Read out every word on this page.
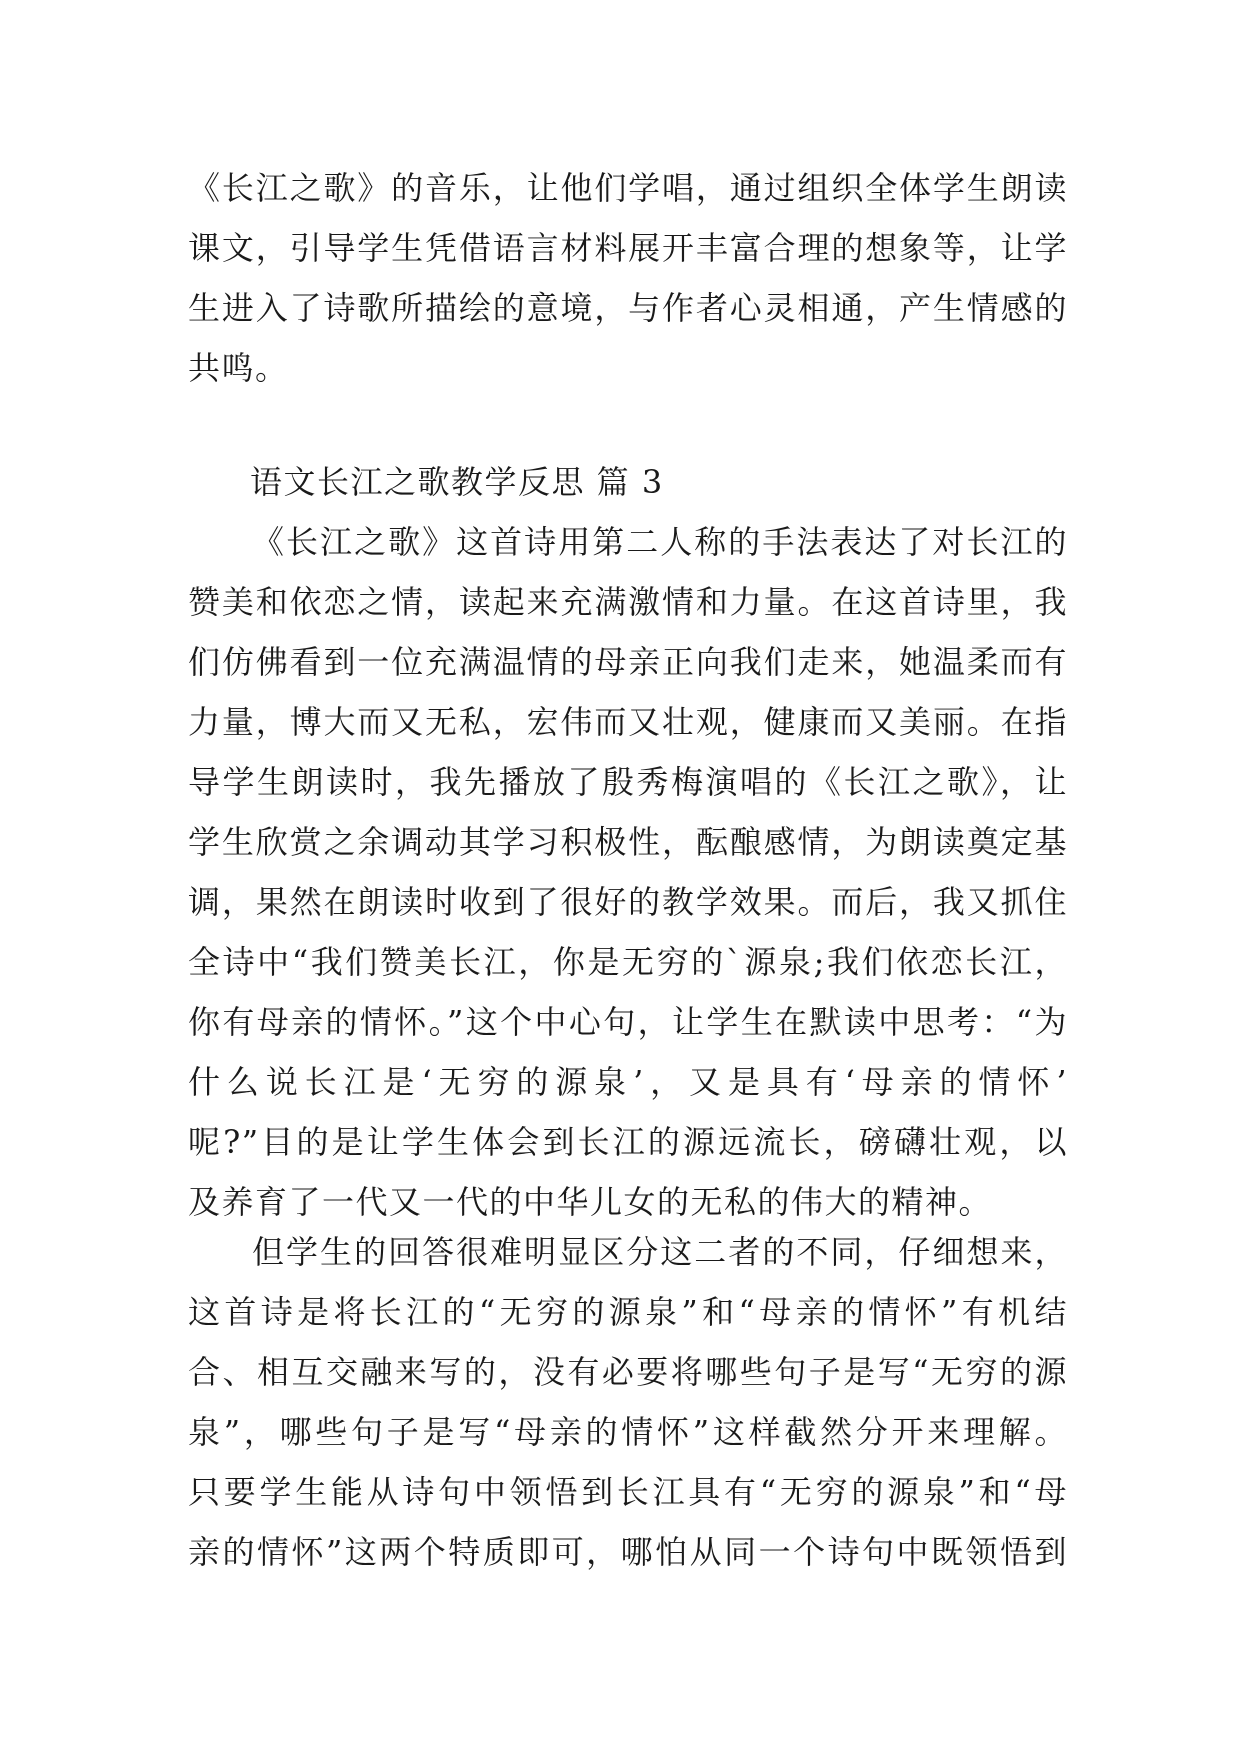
《长江之歌》的音乐，让他们学唱，通过组织全体学生朗读
课文，引导学生凭借语言材料展开丰富合理的想象等，让学
生进入了诗歌所描绘的意境，与作者心灵相通，产生情感的
共鸣。
语文长江之歌教学反思 篇 3
《长江之歌》这首诗用第二人称的手法表达了对长江的
赞美和依恋之情，读起来充满激情和力量。在这首诗里，我
们仿佛看到一位充满温情的母亲正向我们走来，她温柔而有
力量，博大而又无私，宏伟而又壮观，健康而又美丽。在指
导学生朗读时，我先播放了殷秀梅演唱的《长江之歌》，让
学生欣赏之余调动其学习积极性，酝酿感情，为朗读奠定基
调，果然在朗读时收到了很好的教学效果。而后，我又抓住
全诗中“我们赞美长江，你是无穷的`源泉;我们依恋长江，
你有母亲的情怀。”这个中心句，让学生在默读中思考：“为
什么说长江是‘无穷的源泉’，又是具有‘母亲的情怀’
呢?”目的是让学生体会到长江的源远流长，磅礴壮观，以
及养育了一代又一代的中华儿女的无私的伟大的精神。
但学生的回答很难明显区分这二者的不同，仔细想来，
这首诗是将长江的“无穷的源泉”和“母亲的情怀”有机结
合、相互交融来写的，没有必要将哪些句子是写“无穷的源
泉”，哪些句子是写“母亲的情怀”这样截然分开来理解。
只要学生能从诗句中领悟到长江具有“无穷的源泉”和“母
亲的情怀”这两个特质即可，哪怕从同一个诗句中既领悟到
